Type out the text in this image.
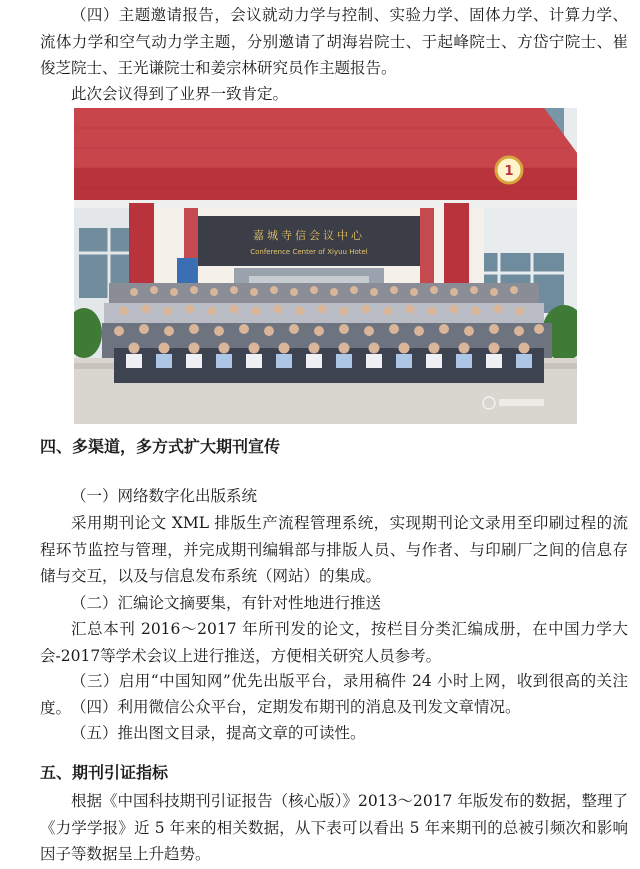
（四）主题邀请报告，会议就动力学与控制、实验力学、固体力学、计算力学、流体力学和空气动力学主题，分别邀请了胡海岩院士、于起峰院士、方岱宁院士、崔俊芝院士、王光谦院士和姜宗林研究员作主题报告。

此次会议得到了业界一致肯定。

1
嘉城寺信会议中心
Conference Center of Xiyuu Hotel
四、多渠道，多方式扩大期刊宣传

（一）网络数字化出版系统

采用期刊论文 XML 排版生产流程管理系统，实现期刊论文录用至印刷过程的流程环节监控与管理，并完成期刊编辑部与排版人员、与作者、与印刷厂之间的信息存储与交互，以及与信息发布系统（网站）的集成。

（二）汇编论文摘要集，有针对性地进行推送

汇总本刊 2016～2017 年所刊发的论文，按栏目分类汇编成册，在中国力学大会-2017等学术会议上进行推送，方便相关研究人员参考。

（三）启用“中国知网”优先出版平台，录用稿件 24 小时上网，收到很高的关注度。 （四）利用微信公众平台，定期发布期刊的消息及刊发文章情况。

（五）推出图文目录，提高文章的可读性。

五、期刊引证指标

根据《中国科技期刊引证报告（核心版）》2013～2017 年版发布的数据，整理了《力学学报》近 5 年来的相关数据，从下表可以看出 5 年来期刊的总被引频次和影响因子等数据呈上升趋势。
